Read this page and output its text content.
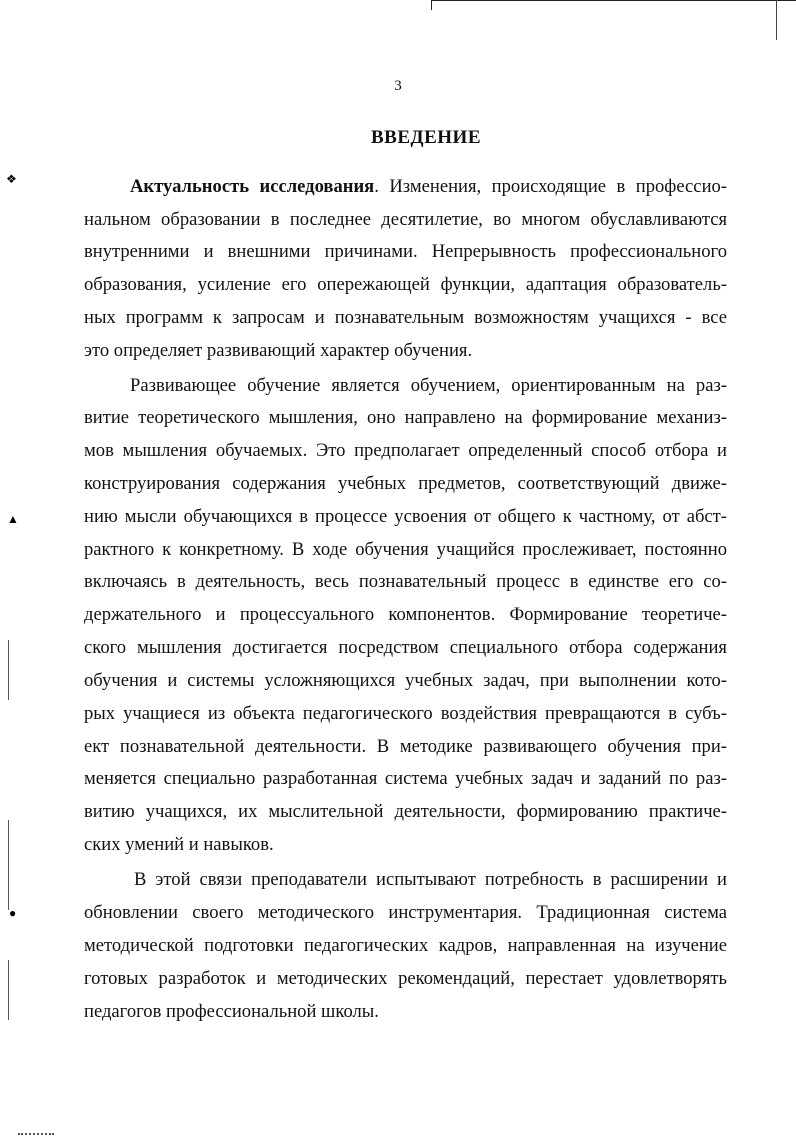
❖
▲
●
3
ВВЕДЕНИЕ
Актуальность исследования. Изменения, происходящие в профессио-
нальном образовании в последнее десятилетие, во многом обуславливаются
внутренними и внешними причинами. Непрерывность профессионального
образования, усиление его опережающей функции, адаптация образователь-
ных программ к запросам и познавательным возможностям учащихся - все
это определяет развивающий характер обучения.
Развивающее обучение является обучением, ориентированным на раз-
витие теоретического мышления, оно направлено на формирование механиз-
мов мышления обучаемых. Это предполагает определенный способ отбора и
конструирования содержания учебных предметов, соответствующий движе-
нию мысли обучающихся в процессе усвоения от общего к частному, от абст-
рактного к конкретному. В ходе обучения учащийся прослеживает, постоянно
включаясь в деятельность, весь познавательный процесс в единстве его со-
держательного и процессуального компонентов. Формирование теоретиче-
ского мышления достигается посредством специального отбора содержания
обучения и системы усложняющихся учебных задач, при выполнении кото-
рых учащиеся из объекта педагогического воздействия превращаются в субъ-
ект познавательной деятельности. В методике развивающего обучения при-
меняется специально разработанная система учебных задач и заданий по раз-
витию учащихся, их мыслительной деятельности, формированию практиче-
ских умений и навыков.
В этой связи преподаватели испытывают потребность в расширении и
обновлении своего методического инструментария. Традиционная система
методической подготовки педагогических кадров, направленная на изучение
готовых разработок и методических рекомендаций, перестает удовлетворять
педагогов профессиональной школы.
